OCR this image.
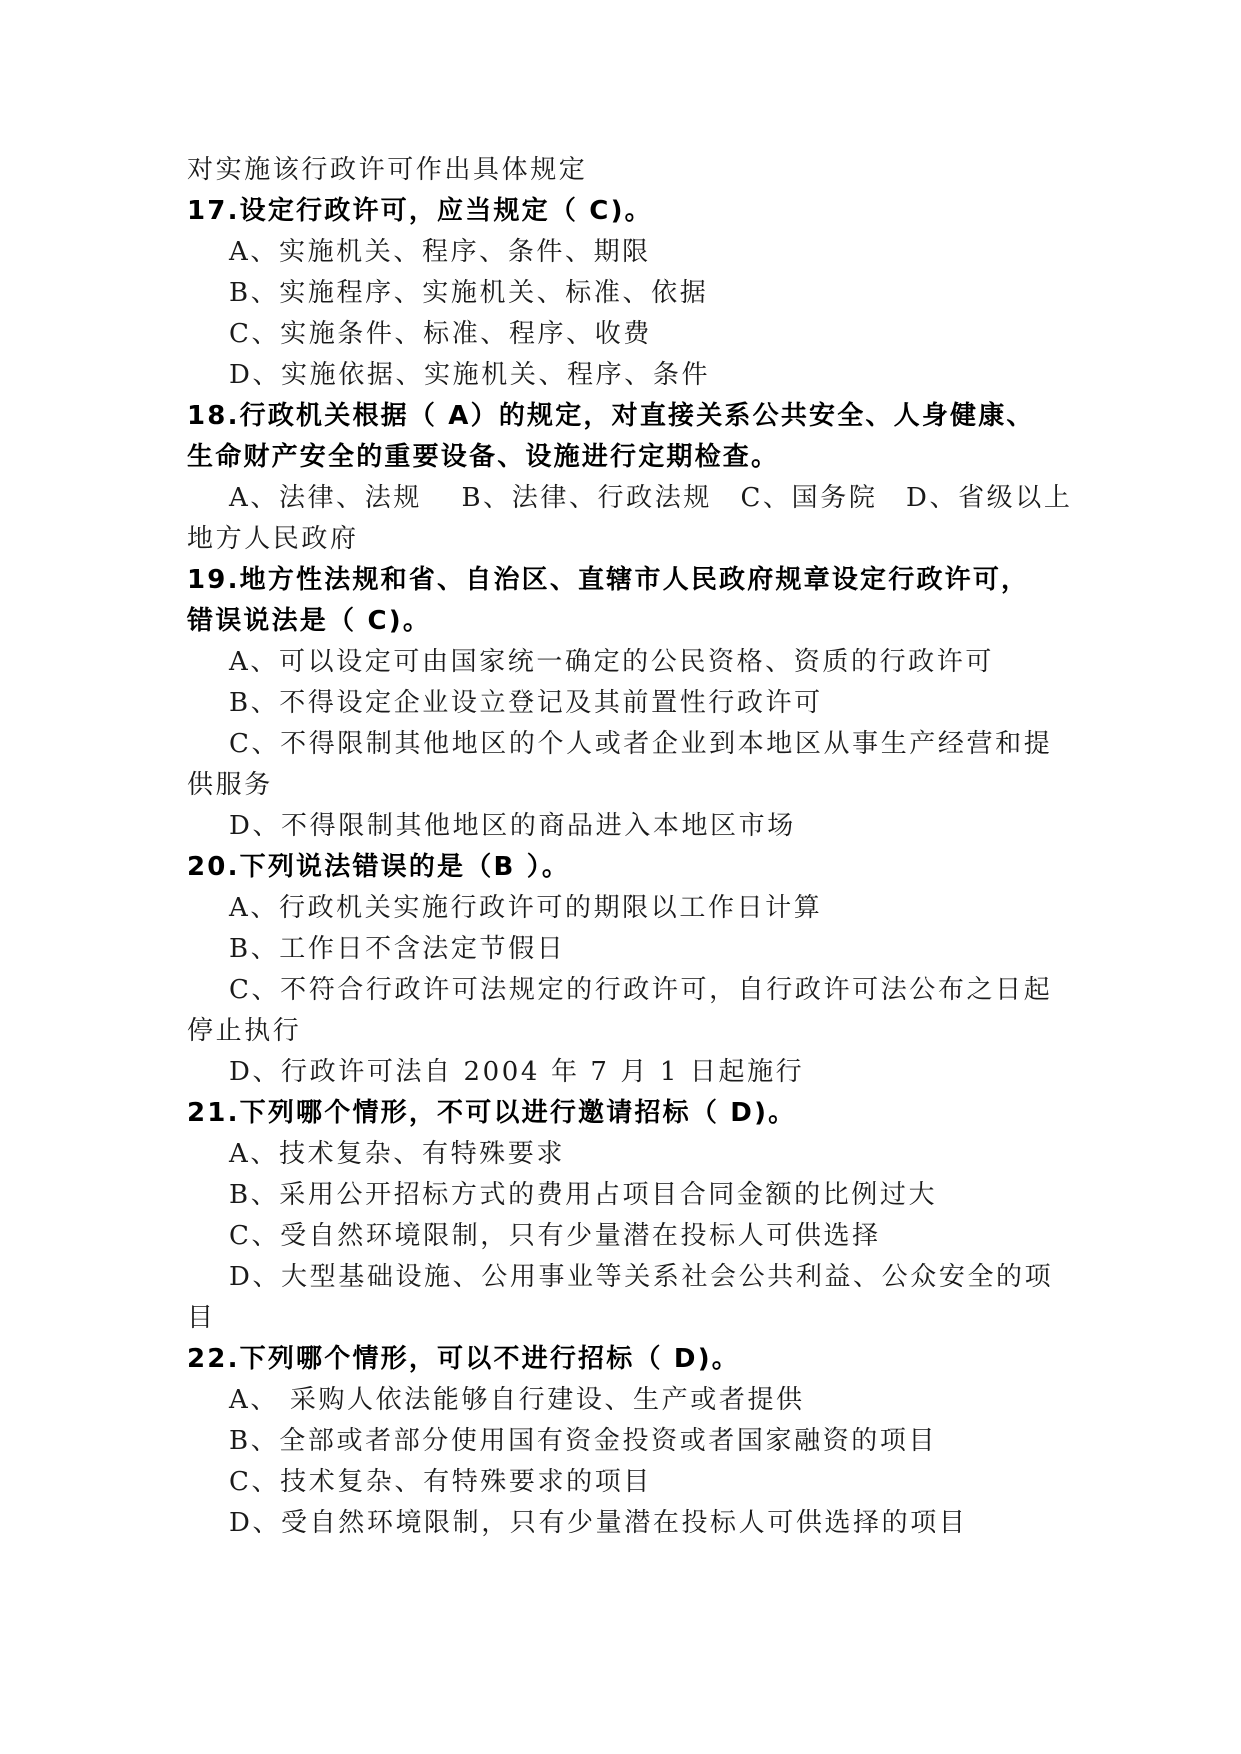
对实施该行政许可作出具体规定
17.设定行政许可，应当规定（ C)。
A、实施机关、程序、条件、期限
B、实施程序、实施机关、标准、依据
C、实施条件、标准、程序、收费
D、实施依据、实施机关、程序、条件
18.行政机关根据（ A）的规定，对直接关系公共安全、人身健康、
生命财产安全的重要设备、设施进行定期检查。
A、法律、法规　 B、法律、行政法规　C、国务院　D、省级以上
地方人民政府
19.地方性法规和省、自治区、直辖市人民政府规章设定行政许可，
错误说法是（ C)。
A、可以设定可由国家统一确定的公民资格、资质的行政许可
B、不得设定企业设立登记及其前置性行政许可
C、不得限制其他地区的个人或者企业到本地区从事生产经营和提
供服务
D、不得限制其他地区的商品进入本地区市场
20.下列说法错误的是（B ）。
A、行政机关实施行政许可的期限以工作日计算
B、工作日不含法定节假日
C、不符合行政许可法规定的行政许可，自行政许可法公布之日起
停止执行
D、行政许可法自 2004 年 7 月 1 日起施行
21.下列哪个情形，不可以进行邀请招标（ D)。
A、技术复杂、有特殊要求
B、采用公开招标方式的费用占项目合同金额的比例过大
C、受自然环境限制，只有少量潜在投标人可供选择
D、大型基础设施、公用事业等关系社会公共利益、公众安全的项
目
22.下列哪个情形，可以不进行招标（ D)。
A、 采购人依法能够自行建设、生产或者提供
B、全部或者部分使用国有资金投资或者国家融资的项目
C、技术复杂、有特殊要求的项目
D、受自然环境限制，只有少量潜在投标人可供选择的项目
